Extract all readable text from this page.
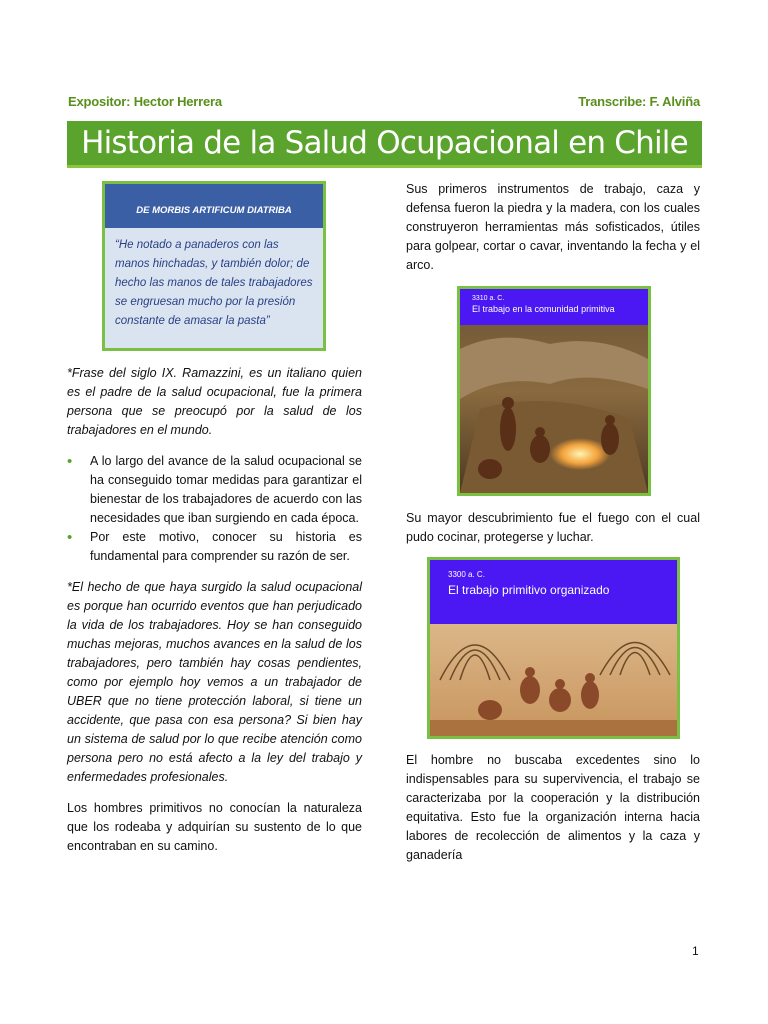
Expositor: Hector Herrera	Transcribe: F. Alviña
Historia de la Salud Ocupacional en Chile
DE MORBIS ARTIFICUM DIATRIBA
“He notado a panaderos con las manos hinchadas, y también dolor; de hecho las manos de tales trabajadores se engruesan mucho por la presión constante de amasar la pasta”

*Frase del siglo IX. Ramazzini, es un italiano quien es el padre de la salud ocupacional, fue la primera persona que se preocupó por la salud de los trabajadores en el mundo.

• A lo largo del avance de la salud ocupacional se ha conseguido tomar medidas para garantizar el bienestar de los trabajadores de acuerdo con las necesidades que iban surgiendo en cada época.
• Por este motivo, conocer su historia es fundamental para comprender su razón de ser.

*El hecho de que haya surgido la salud ocupacional es porque han ocurrido eventos que han perjudicado la vida de los trabajadores. Hoy se han conseguido muchas mejoras, muchos avances en la salud de los trabajadores, pero también hay cosas pendientes, como por ejemplo hoy vemos a un trabajador de UBER que no tiene protección laboral, si tiene un accidente, que pasa con esa persona? Si bien hay un sistema de salud por lo que recibe atención como persona pero no está afecto a la ley del trabajo y enfermedades profesionales.

Los hombres primitivos no conocían la naturaleza que los rodeaba y adquirían su sustento de lo que encontraban en su camino.

Sus primeros instrumentos de trabajo, caza y defensa fueron la piedra y la madera, con los cuales construyeron herramientas más sofisticados, útiles para golpear, cortar o cavar, inventando la fecha y el arco.

3310 a. C.
El trabajo en la comunidad primitiva

Su mayor descubrimiento fue el fuego con el cual pudo cocinar, protegerse y luchar.

3300 a. C.
El trabajo primitivo organizado

El hombre no buscaba excedentes sino lo indispensables para su supervivencia, el trabajo se caracterizaba por la cooperación y la distribución equitativa. Esto fue la organización interna hacia labores de recolección de alimentos y la caza y ganadería

1
